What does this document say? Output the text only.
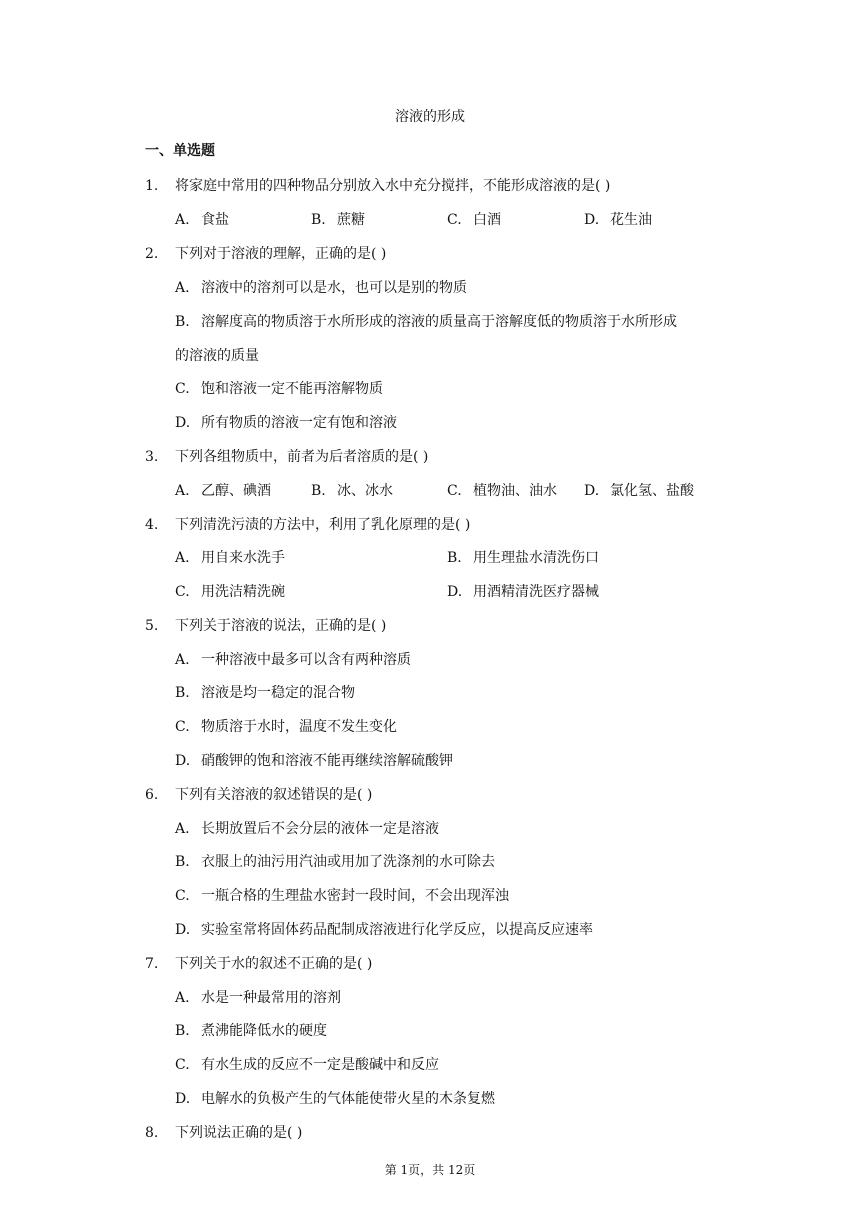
溶液的形成
一、单选题
1. 将家庭中常用的四种物品分别放入水中充分搅拌，不能形成溶液的是( )
A. 食盐	B. 蔗糖	C. 白酒	D. 花生油
2. 下列对于溶液的理解，正确的是( )
A. 溶液中的溶剂可以是水，也可以是别的物质
B. 溶解度高的物质溶于水所形成的溶液的质量高于溶解度低的物质溶于水所形成
的溶液的质量
C. 饱和溶液一定不能再溶解物质
D. 所有物质的溶液一定有饱和溶液
3. 下列各组物质中，前者为后者溶质的是( )
A. 乙醇、碘酒	B. 冰、冰水	C. 植物油、油水 D. 氯化氢、盐酸
4. 下列清洗污渍的方法中，利用了乳化原理的是( )
A. 用自来水洗手	B. 用生理盐水清洗伤口
C. 用洗洁精洗碗	D. 用酒精清洗医疗器械
5. 下列关于溶液的说法，正确的是( )
A. 一种溶液中最多可以含有两种溶质
B. 溶液是均一稳定的混合物
C. 物质溶于水时，温度不发生变化
D. 硝酸钾的饱和溶液不能再继续溶解硫酸钾
6. 下列有关溶液的叙述错误的是( )
A. 长期放置后不会分层的液体一定是溶液
B. 衣服上的油污用汽油或用加了洗涤剂的水可除去
C. 一瓶合格的生理盐水密封一段时间，不会出现浑浊
D. 实验室常将固体药品配制成溶液进行化学反应，以提高反应速率
7. 下列关于水的叙述不正确的是( )
A. 水是一种最常用的溶剂
B. 煮沸能降低水的硬度
C. 有水生成的反应不一定是酸碱中和反应
D. 电解水的负极产生的气体能使带火星的木条复燃
8. 下列说法正确的是( )
第 1页，共 12页
